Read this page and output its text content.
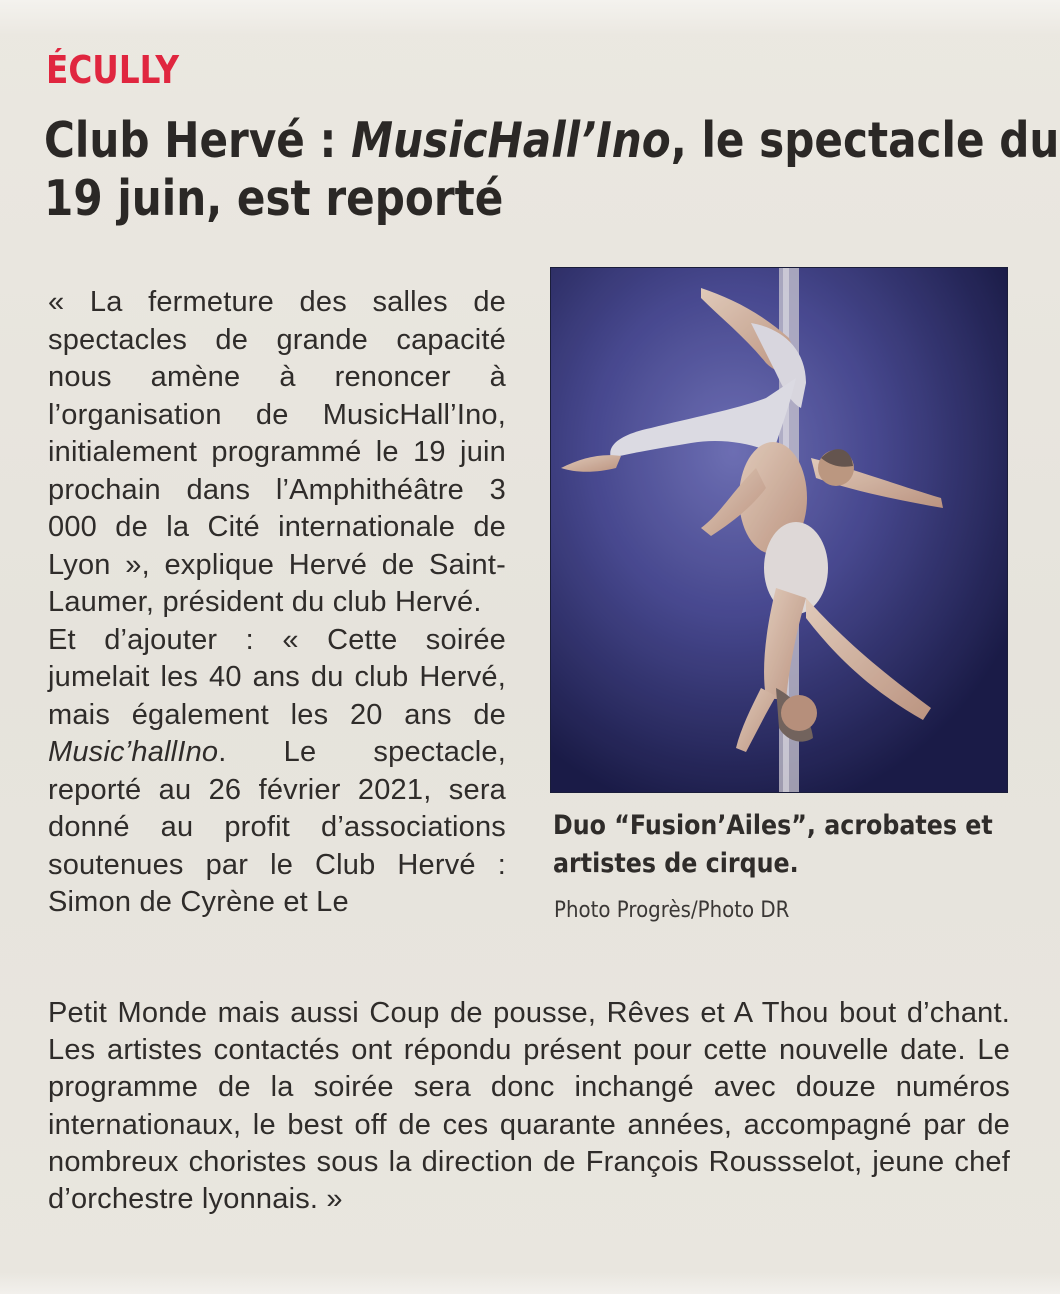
ÉCULLY
Club Hervé : MusicHall’Ino, le spectacle du 19 juin, est reporté

« La fermeture des salles de spectacles de grande capacité nous amène à renoncer à l’organisation de MusicHall’Ino, initialement programmé le 19 juin prochain dans l’Amphithéâtre 3 000 de la Cité internationale de Lyon », explique Hervé de Saint-Laumer, président du club Hervé.

Et d’ajouter : « Cette soirée jumelait les 40 ans du club Hervé, mais également les 20 ans de Music’hallIno. Le spectacle, reporté au 26 février 2021, sera donné au profit d’associations soutenues par le Club Hervé : Simon de Cyrène et Le

Duo “Fusion’Ailes”, acrobates et artistes de cirque.
Photo Progrès/Photo DR

Petit Monde mais aussi Coup de pousse, Rêves et A Thou bout d’chant. Les artistes contactés ont répondu présent pour cette nouvelle date. Le programme de la soirée sera donc inchangé avec douze numéros internationaux, le best off de ces quarante années, accompagné par de nombreux choristes sous la direction de François Roussselot, jeune chef d’orchestre lyonnais. »
